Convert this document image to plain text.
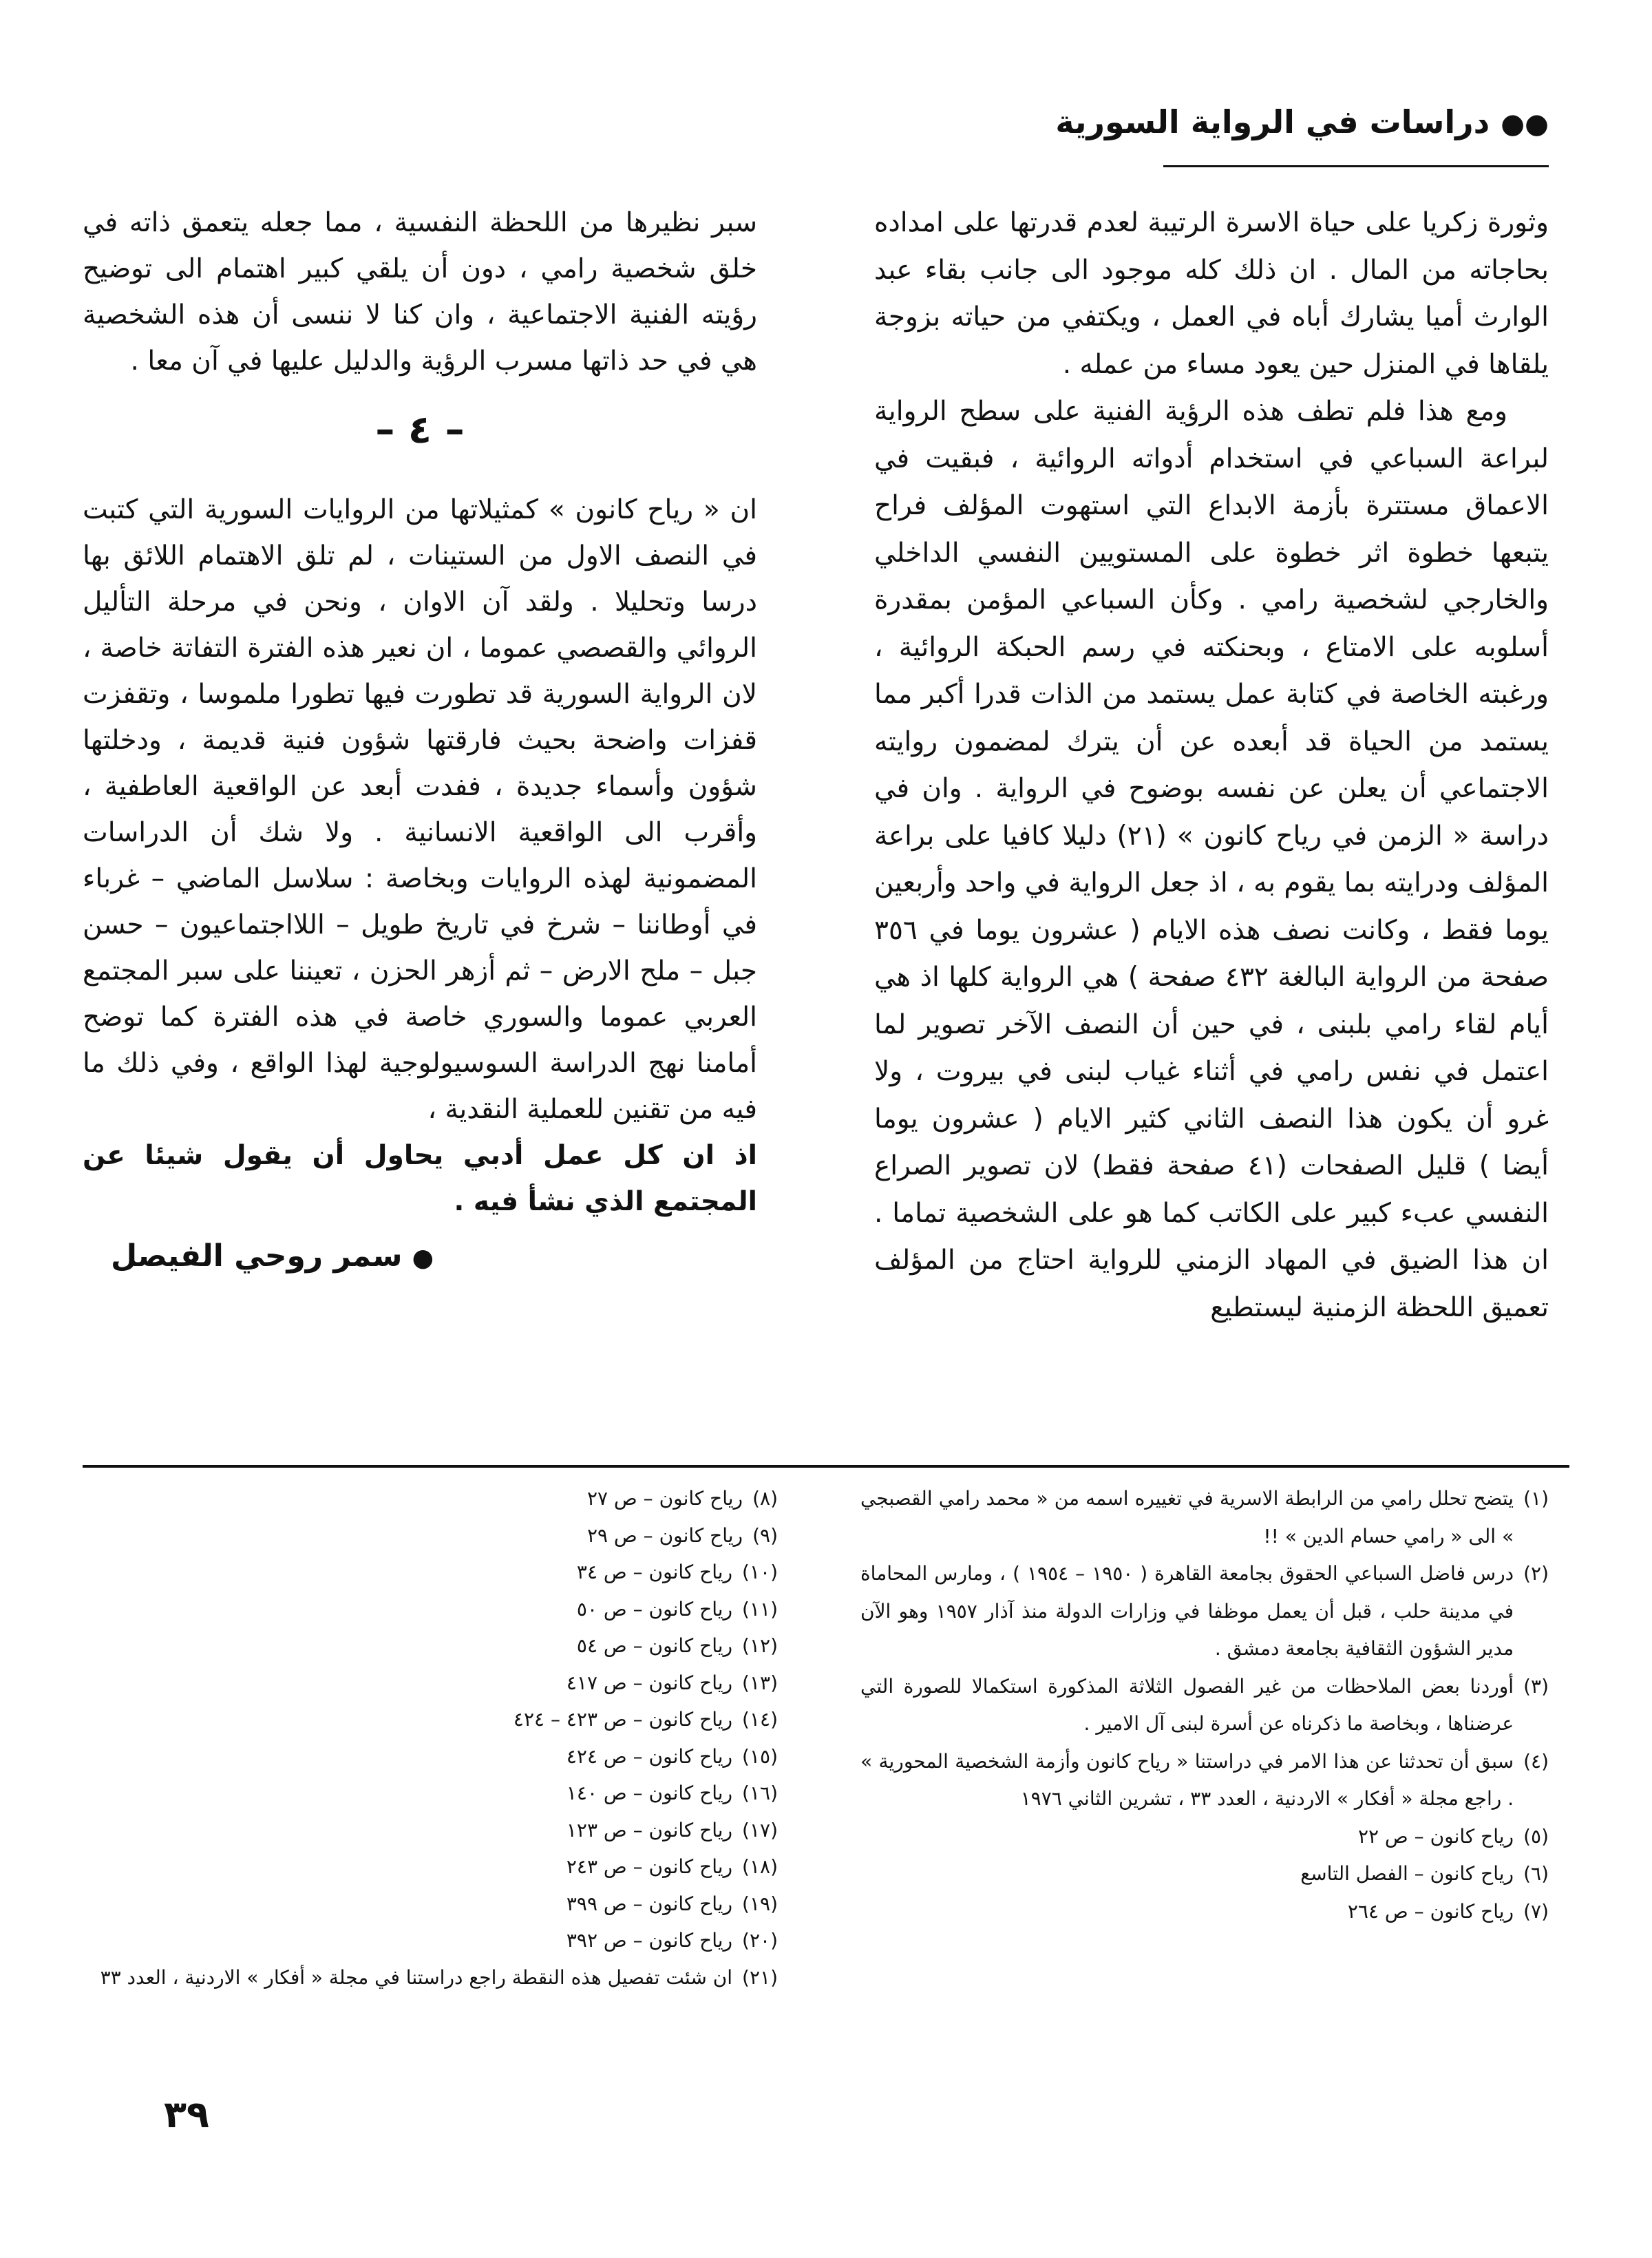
●●دراسات في الرواية السورية

وثورة زكريا على حياة الاسرة الرتيبة لعدم قدرتها على امداده بحاجاته من المال . ان ذلك كله موجود الى جانب بقاء عبد الوارث أميا يشارك أباه في العمل ، ويكتفي من حياته بزوجة يلقاها في المنزل حين يعود مساء من عمله .

ومع هذا فلم تطف هذه الرؤية الفنية على سطح الرواية لبراعة السباعي في استخدام أدواته الروائية ، فبقيت في الاعماق مستترة بأزمة الابداع التي استهوت المؤلف فراح يتبعها خطوة اثر خطوة على المستويين النفسي الداخلي والخارجي لشخصية رامي . وكأن السباعي المؤمن بمقدرة أسلوبه على الامتاع ، وبحنكته في رسم الحبكة الروائية ، ورغبته الخاصة في كتابة عمل يستمد من الذات قدرا أكبر مما يستمد من الحياة قد أبعده عن أن يترك لمضمون روايته الاجتماعي أن يعلن عن نفسه بوضوح في الرواية . وان في دراسة « الزمن في رياح كانون » (٢١) دليلا كافيا على براعة المؤلف ودرايته بما يقوم به ، اذ جعل الرواية في واحد وأربعين يوما فقط ، وكانت نصف هذه الايام ( عشرون يوما في ٣٥٦ صفحة من الرواية البالغة ٤٣٢ صفحة ) هي الرواية كلها اذ هي أيام لقاء رامي بلبنى ، في حين أن النصف الآخر تصوير لما اعتمل في نفس رامي في أثناء غياب لبنى في بيروت ، ولا غرو أن يكون هذا النصف الثاني كثير الايام ( عشرون يوما أيضا ) قليل الصفحات (٤١ صفحة فقط) لان تصوير الصراع النفسي عبء كبير على الكاتب كما هو على الشخصية تماما . ان هذا الضيق في المهاد الزمني للرواية احتاج من المؤلف تعميق اللحظة الزمنية ليستطيع

سبر نظيرها من اللحظة النفسية ، مما جعله يتعمق ذاته في خلق شخصية رامي ، دون أن يلقي كبير اهتمام الى توضيح رؤيته الفنية الاجتماعية ، وان كنا لا ننسى أن هذه الشخصية هي في حد ذاتها مسرب الرؤية والدليل عليها في آن معا .

– ٤ –

ان « رياح كانون » كمثيلاتها من الروايات السورية التي كتبت في النصف الاول من الستينات ، لم تلق الاهتمام اللائق بها درسا وتحليلا . ولقد آن الاوان ، ونحن في مرحلة التأليل الروائي والقصصي عموما ، ان نعير هذه الفترة التفاتة خاصة ، لان الرواية السورية قد تطورت فيها تطورا ملموسا ، وتقفزت قفزات واضحة بحيث فارقتها شؤون فنية قديمة ، ودخلتها شؤون وأسماء جديدة ، ففدت أبعد عن الواقعية العاطفية ، وأقرب الى الواقعية الانسانية . ولا شك أن الدراسات المضمونية لهذه الروايات وبخاصة : سلاسل الماضي – غرباء في أوطاننا – شرخ في تاريخ طويل – اللااجتماعيون – حسن جبل – ملح الارض – ثم أزهر الحزن ، تعيننا على سبر المجتمع العربي عموما والسوري خاصة في هذه الفترة كما توضح أمامنا نهج الدراسة السوسيولوجية لهذا الواقع ، وفي ذلك ما فيه من تقنين للعملية النقدية ،

اذ ان كل عمل أدبي يحاول أن يقول شيئا عن المجتمع الذي نشأ فيه .

●سمر روحي الفيصل
(١)
يتضح تحلل رامي من الرابطة الاسرية في تغييره اسمه من « محمد رامي القصبجي » الى « رامي حسام الدين » !!
(٢)
درس فاضل السباعي الحقوق بجامعة القاهرة ( ١٩٥٠ – ١٩٥٤ ) ، ومارس المحاماة في مدينة حلب ، قبل أن يعمل موظفا في وزارات الدولة منذ آذار ١٩٥٧ وهو الآن مدير الشؤون الثقافية بجامعة دمشق .
(٣)
أوردنا بعض الملاحظات من غير الفصول الثلاثة المذكورة استكمالا للصورة التي عرضناها ، وبخاصة ما ذكرناه عن أسرة لبنى آل الامير .
(٤)
سبق أن تحدثنا عن هذا الامر في دراستنا « رياح كانون وأزمة الشخصية المحورية » . راجع مجلة « أفكار » الاردنية ، العدد ٣٣ ، تشرين الثاني ١٩٧٦
(٥)
رياح كانون – ص ٢٢
(٦)
رياح كانون – الفصل التاسع
(٧)
رياح كانون – ص ٢٦٤
(٨)
رياح كانون – ص ٢٧
(٩)
رياح كانون – ص ٢٩
(١٠)
رياح كانون – ص ٣٤
(١١)
رياح كانون – ص ٥٠
(١٢)
رياح كانون – ص ٥٤
(١٣)
رياح كانون – ص ٤١٧
(١٤)
رياح كانون – ص ٤٢٣ – ٤٢٤
(١٥)
رياح كانون – ص ٤٢٤
(١٦)
رياح كانون – ص ١٤٠
(١٧)
رياح كانون – ص ١٢٣
(١٨)
رياح كانون – ص ٢٤٣
(١٩)
رياح كانون – ص ٣٩٩
(٢٠)
رياح كانون – ص ٣٩٢
(٢١)
ان شئت تفصيل هذه النقطة راجع دراستنا في مجلة « أفكار » الاردنية ، العدد ٣٣
٣٩
